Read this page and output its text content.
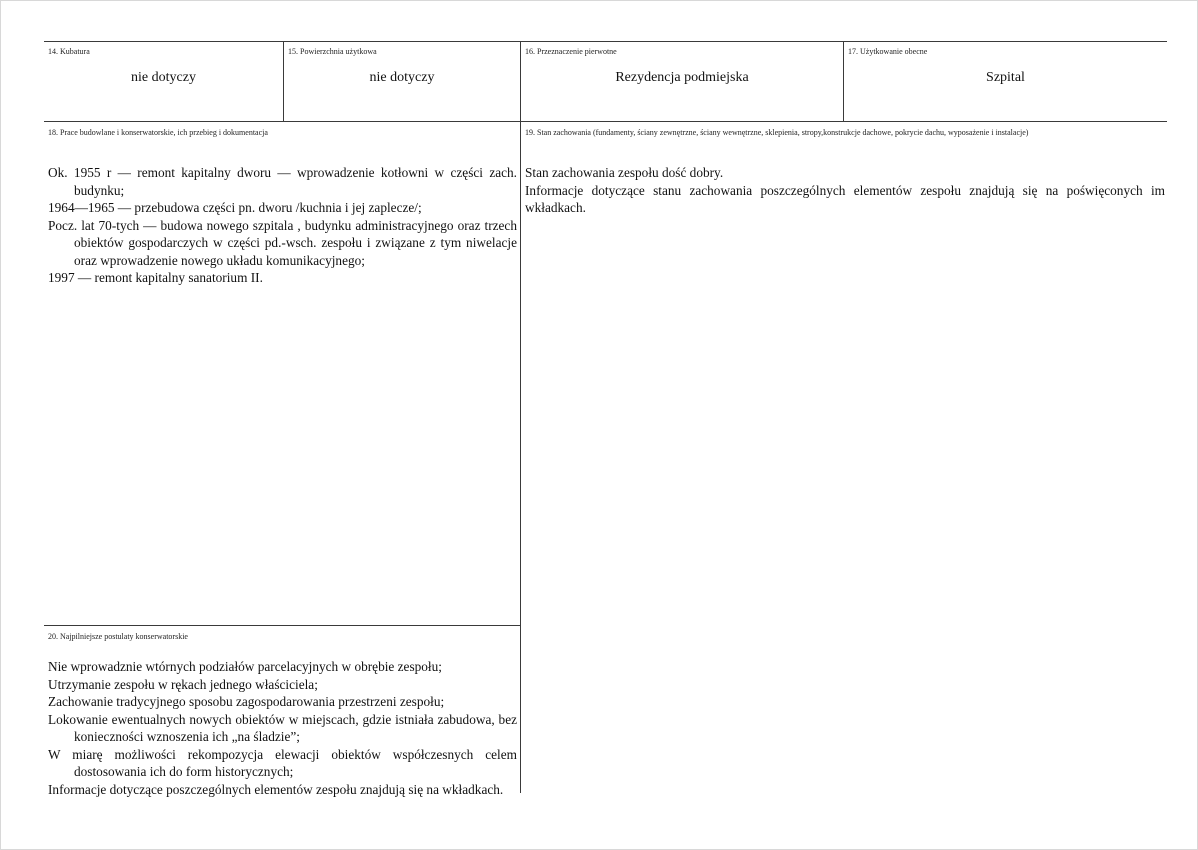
14. Kubatura
nie dotyczy
15. Powierzchnia użytkowa
nie dotyczy
16. Przeznaczenie pierwotne
Rezydencja podmiejska
17. Użytkowanie obecne
Szpital
18. Prace budowlane i konserwatorskie, ich przebieg i dokumentacja

Ok. 1955 r — remont kapitalny dworu — wprowadzenie kotłowni w części zach. budynku;

1964—1965 — przebudowa części pn. dworu /kuchnia i jej zaplecze/;

Pocz. lat 70-tych — budowa nowego szpitala , budynku administracyjnego oraz trzech obiektów gospodarczych w części pd.-wsch. zespołu i związane z tym niwelacje oraz wprowadzenie nowego układu komunikacyjnego;

1997 — remont kapitalny sanatorium II.

19. Stan zachowania (fundamenty, ściany zewnętrzne, ściany wewnętrzne, sklepienia, stropy,konstrukcje dachowe, pokrycie dachu, wyposażenie i instalacje)

Stan zachowania zespołu dość dobry.

Informacje dotyczące stanu zachowania poszczególnych elementów zespołu znajdują się na poświęconych im wkładkach.

20. Najpilniejsze postulaty konserwatorskie

Nie wprowadznie wtórnych podziałów parcelacyjnych w obrębie zespołu;

Utrzymanie zespołu w rękach jednego właściciela;

Zachowanie tradycyjnego sposobu zagospodarowania przestrzeni zespołu;

Lokowanie ewentualnych nowych obiektów w miejscach, gdzie istniała zabudowa, bez konieczności wznoszenia ich „na śladzie”;

W miarę możliwości rekompozycja elewacji obiektów współczesnych celem dostosowania ich do form historycznych;

Informacje dotyczące poszczególnych elementów zespołu znajdują się na wkładkach.
